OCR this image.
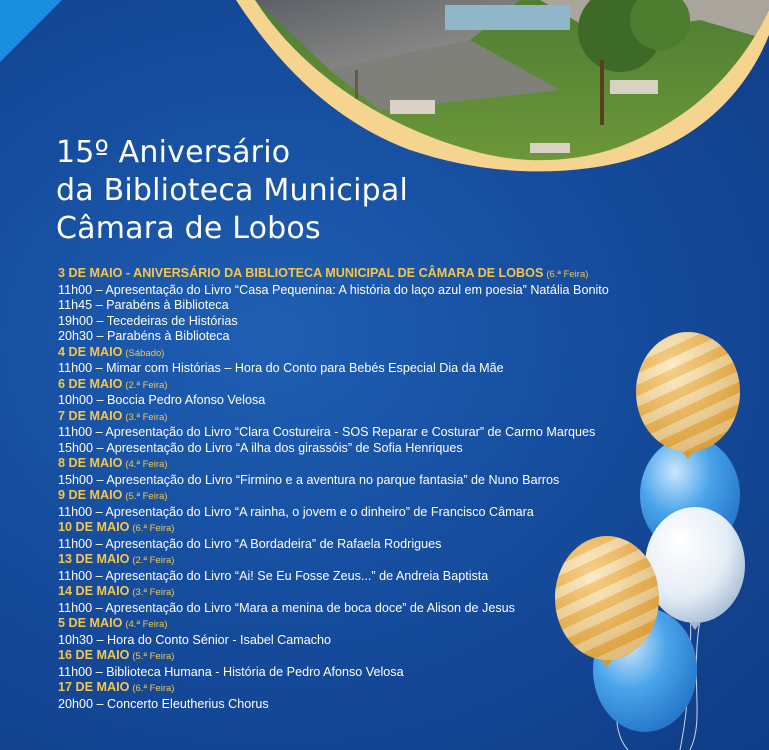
15º Aniversário
da Biblioteca Municipal
Câmara de Lobos
3 DE MAIO - ANIVERSÁRIO DA BIBLIOTECA MUNICIPAL DE CÂMARA DE LOBOS (6.ª Feira)
11h00 – Apresentação do Livro “Casa Pequenina: A história do laço azul em poesia” Natália Bonito
11h45 – Parabéns à Biblioteca
19h00 – Tecedeiras de Histórias
20h30 – Parabéns à Biblioteca
4 DE MAIO (Sábado)
11h00 – Mimar com Histórias – Hora do Conto para Bebés Especial Dia da Mãe
6 DE MAIO (2.ª Feira)
10h00 – Boccia Pedro Afonso Velosa
7 DE MAIO (3.ª Feira)
11h00 – Apresentação do Livro “Clara Costureira - SOS Reparar e Costurar” de Carmo Marques
15h00 – Apresentação do Livro “A ilha dos girassóis” de Sofia Henriques
8 DE MAIO (4.ª Feira)
15h00 – Apresentação do Livro “Firmino e a aventura no parque fantasia” de Nuno Barros
9 DE MAIO (5.ª Feira)
11h00 – Apresentação do Livro “A rainha, o jovem e o dinheiro” de Francisco Câmara
10 DE MAIO (6.ª Feira)
11h00 – Apresentação do Livro “A Bordadeira” de Rafaela Rodrigues
13 DE MAIO (2.ª Feira)
11h00 – Apresentação do Livro “Ai! Se Eu Fosse Zeus...” de Andreia Baptista
14 DE MAIO (3.ª Feira)
11h00 – Apresentação do Livro “Mara a menina de boca doce” de Alison de Jesus
5 DE MAIO (4.ª Feira)
10h30 – Hora do Conto Sénior - Isabel Camacho
16 DE MAIO (5.ª Feira)
11h00 – Biblioteca Humana - História de Pedro Afonso Velosa
17 DE MAIO (6.ª Feira)
20h00 – Concerto Eleutherius Chorus
